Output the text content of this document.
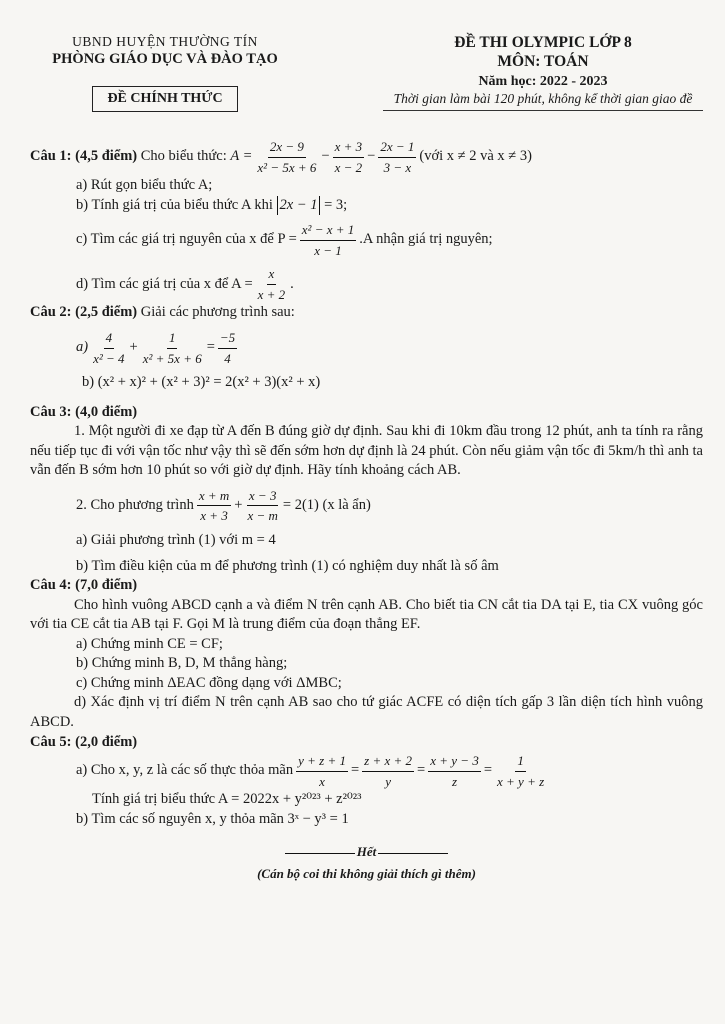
UBND HUYỆN THƯỜNG TÍN
PHÒNG GIÁO DỤC VÀ ĐÀO TẠO
ĐỀ CHÍNH THỨC
ĐỀ THI OLYMPIC LỚP 8
MÔN: TOÁN
Năm học: 2022 - 2023
Thời gian làm bài 120 phút, không kể thời gian giao đề
Câu 1: (4,5 điểm)
Cho biểu thức:
$A = \frac{2x - 9}{\text{x² − 5x + 6}} - \frac{x + 3}{x - 2} - \frac{2x - 1}{3 - x}$ (với x ≠ 2 và x ≠ 3)
a) Rút gọn biểu thức A;
b) Tính giá trị của biểu thức A khi
2x − 1
= 3;
c) Tìm các giá trị nguyên của x để $P = \frac{\text{x² − x + 1}}{x - 1} .A$ nhận giá trị nguyên;
d) Tìm các giá trị của x để $A = \frac{x}{x + 2}$ .
Câu 2: (2,5 điểm)
Giải các phương trình sau:
$a) \frac{4}{\text{x² − 4}} + \frac{1}{\text{x² + 5x + 6}} = \frac{-5}{4}$
b) (x² + x)² + (x² + 3)² = 2(x² + 3)(x² + x)
Câu 3: (4,0 điểm)

1. Một người đi xe đạp từ A đến B đúng giờ dự định. Sau khi đi 10km đầu trong 12 phút, anh ta tính ra rằng nếu tiếp tục đi với vận tốc như vậy thì sẽ đến sớm hơn dự định là 24 phút. Còn nếu giảm vận tốc đi 5km/h thì anh ta vẫn đến B sớm hơn 10 phút so với giờ dự định. Hãy tính khoảng cách AB.

2. Cho phương trình $\frac{x + m}{x + 3} + \frac{x - 3}{x - m} = 2(1)$ (x là ẩn)
a) Giải phương trình (1) với m = 4
b) Tìm điều kiện của m để phương trình (1) có nghiệm duy nhất là số âm
Câu 4: (7,0 điểm)

Cho hình vuông ABCD cạnh a và điểm N trên cạnh AB. Cho biết tia CN cắt tia DA tại E, tia CX vuông góc với tia CE cắt tia AB tại F. Gọi M là trung điểm của đoạn thẳng EF.

a) Chứng minh CE = CF;
b) Chứng minh B, D, M thẳng hàng;
c) Chứng minh ΔEAC đồng dạng với ΔMBC;

d) Xác định vị trí điểm N trên cạnh AB sao cho tứ giác ACFE có diện tích gấp 3 lần diện tích hình vuông ABCD.

Câu 5: (2,0 điểm)
a) Cho x, y, z là các số thực thỏa mãn $\frac{y + z + 1}{x} = \frac{z + x + 2}{y} = \frac{x + y - 3}{z} = \frac{1}{x + y + z}$
Tính giá trị biểu thức A = 2022x + y²⁰²³ + z²⁰²³
b) Tìm các số nguyên x, y thỏa mãn 3ˣ − y³ = 1
Hết
(Cán bộ coi thi không giải thích gì thêm)
